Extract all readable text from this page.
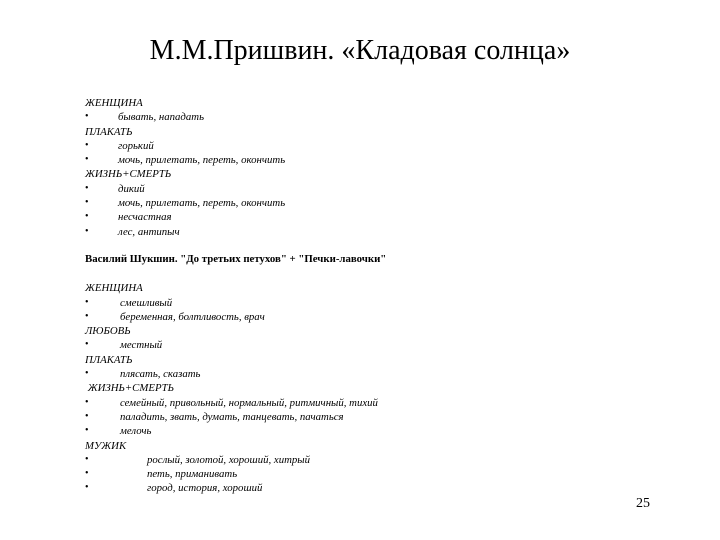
М.М.Пришвин. «Кладовая солнца»
ЖЕНЩИНА
•	бывать, нападать
ПЛАКАТЬ
•	горький
•	мочь, прилетать, переть, окончить
ЖИЗНЬ+СМЕРТЬ
•	дикий
•	мочь, прилетать, переть, окончить
•	несчастная
•	лес, антипыч
Василий Шукшин. "До третьих петухов" + "Печки-лавочки"
ЖЕНЩИНА
•	смешливый
•	беременная, болтливость, врач
ЛЮБОВЬ
•	местный
ПЛАКАТЬ
•	плясать, сказать
ЖИЗНЬ+СМЕРТЬ
•	семейный, привольный, нормальный, ритмичный, тихий
•	паладить, звать, думать, танцевать, пачаться
•	мелочь
МУЖИК
•	рослый, золотой, хороший, хитрый
•	петь, приманивать
•	город, история, хороший
25
